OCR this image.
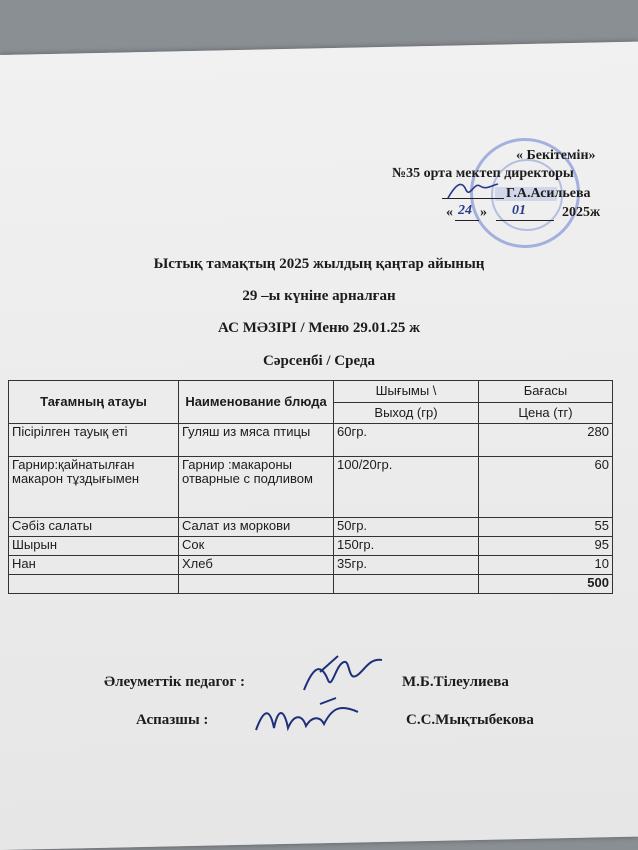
« Бекітемін»
№35 орта мектеп директоры
Г.А.Асильева
« 24 » 01	2025ж
Ыстық тамақтың 2025 жылдың қаңтар айының
29 –ы күніне арналған
АС МӘЗІРІ / Меню 29.01.25 ж
Сәрсенбі / Среда
Тағамның атауы	Наименование блюда	Шығымы \	Бағасы
		Выход (гр)	Цена (тг)
Пісірілген тауық еті	Гуляш из мяса птицы	60гр.	280
Гарнир:қайнатылған макарон тұздығымен	Гарнир :макароны отварные с подливом	100/20гр.	60
Сәбіз салаты	Салат из моркови	50гр.	55
Шырын	Сок	150гр.	95
Нан	Хлеб	35гр.	10
			500
Әлеуметтік педагог :	М.Б.Тілеулиева
Аспазшы :	С.С.Мықтыбекова
